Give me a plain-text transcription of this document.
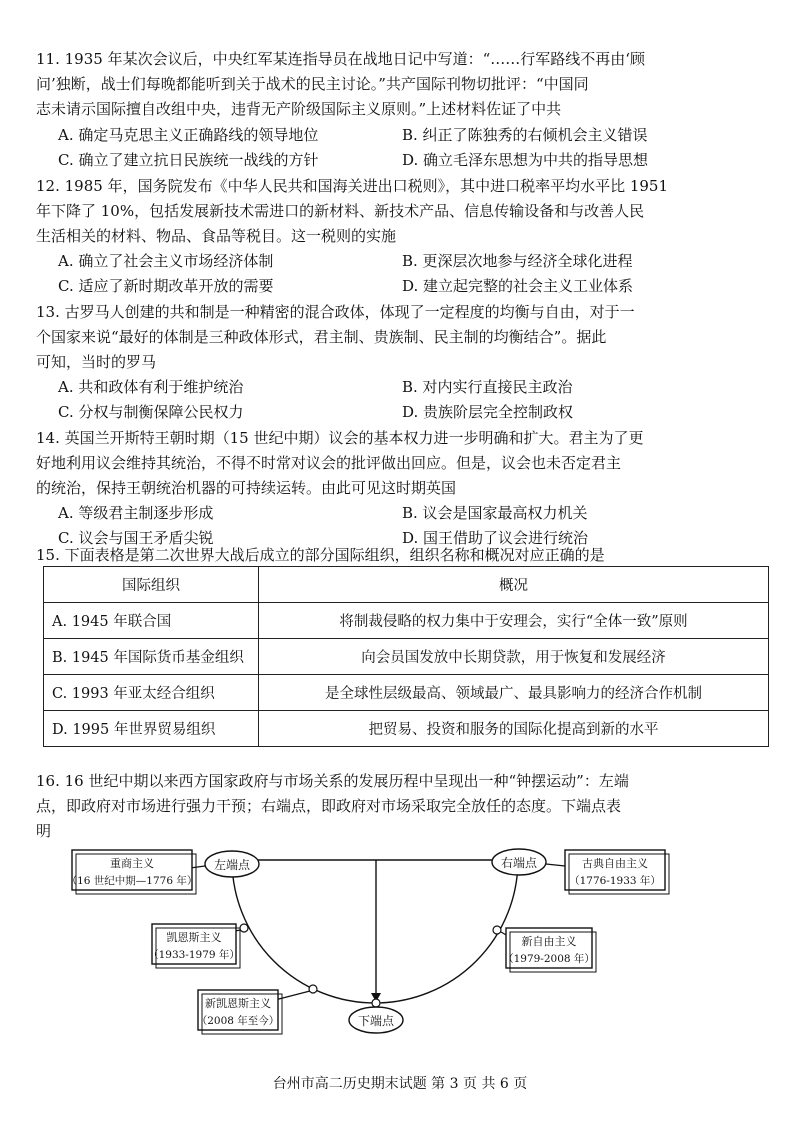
11. 1935 年某次会议后，中央红军某连指导员在战地日记中写道：“……行军路线不再由‘顾
问’独断，战士们每晚都能听到关于战术的民主讨论。”共产国际刊物切批评：“中国同
志未请示国际擅自改组中央，违背无产阶级国际主义原则。”上述材料佐证了中共
A. 确定马克思主义正确路线的领导地位	B. 纠正了陈独秀的右倾机会主义错误
C. 确立了建立抗日民族统一战线的方针	D. 确立毛泽东思想为中共的指导思想
12. 1985 年，国务院发布《中华人民共和国海关进出口税则》，其中进口税率平均水平比 1951
年下降了 10%，包括发展新技术需进口的新材料、新技术产品、信息传输设备和与改善人民
生活相关的材料、物品、食品等税目。这一税则的实施
A. 确立了社会主义市场经济体制	B. 更深层次地参与经济全球化进程
C. 适应了新时期改革开放的需要	D. 建立起完整的社会主义工业体系
13. 古罗马人创建的共和制是一种精密的混合政体，体现了一定程度的均衡与自由，对于一
个国家来说“最好的体制是三种政体形式，君主制、贵族制、民主制的均衡结合”。据此
可知，当时的罗马
A. 共和政体有利于维护统治	B. 对内实行直接民主政治
C. 分权与制衡保障公民权力	D. 贵族阶层完全控制政权
14. 英国兰开斯特王朝时期（15 世纪中期）议会的基本权力进一步明确和扩大。君主为了更
好地利用议会维持其统治，不得不时常对议会的批评做出回应。但是，议会也未否定君主
的统治，保持王朝统治机器的可持续运转。由此可见这时期英国
A. 等级君主制逐步形成	B. 议会是国家最高权力机关
C. 议会与国王矛盾尖锐	D. 国王借助了议会进行统治
15. 下面表格是第二次世界大战后成立的部分国际组织，组织名称和概况对应正确的是
国际组织	概况
A. 1945 年联合国	将制裁侵略的权力集中于安理会，实行“全体一致”原则
B. 1945 年国际货币基金组织	向会员国发放中长期贷款，用于恢复和发展经济
C. 1993 年亚太经合组织	是全球性层级最高、领域最广、最具影响力的经济合作机制
D. 1995 年世界贸易组织	把贸易、投资和服务的国际化提高到新的水平
16. 16 世纪中期以来西方国家政府与市场关系的发展历程中呈现出一种“钟摆运动”：左端
点，即政府对市场进行强力干预；右端点，即政府对市场采取完全放任的态度。下端点表
明
左端点	右端点
下端点
重商主义
（16 世纪中期—1776 年）
古典自由主义
（1776-1933 年）
凯恩斯主义
（1933-1979 年）
新自由主义
（1979-2008 年）
新凯恩斯主义
（2008 年至今）
台州市高二历史期末试题 第 3 页 共 6 页
